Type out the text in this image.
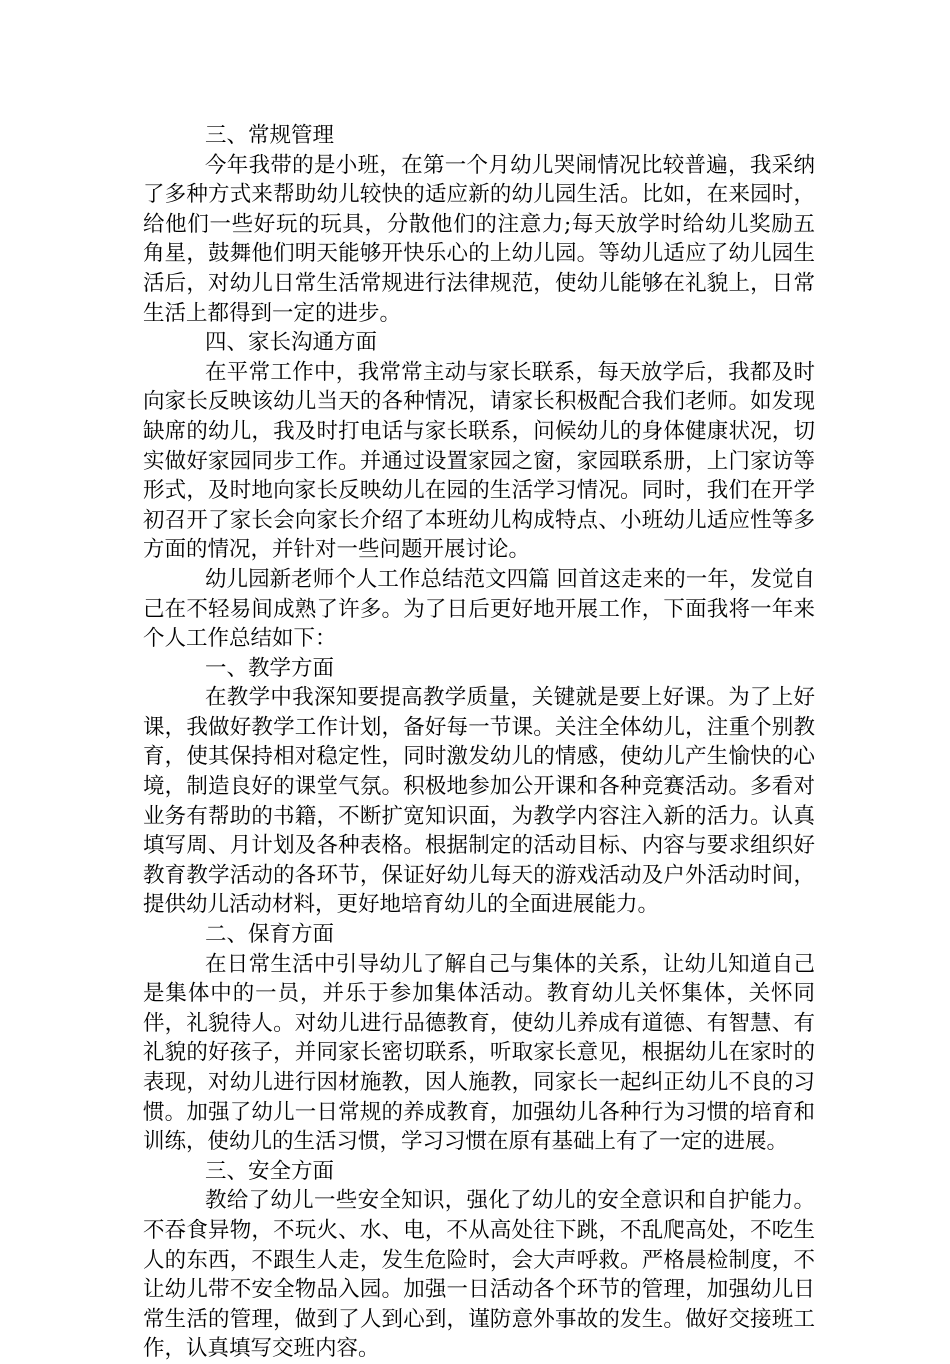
三、常规管理

今年我带的是小班，在第一个月幼儿哭闹情况比较普遍，我采纳了多种方式来帮助幼儿较快的适应新的幼儿园生活。比如，在来园时，给他们一些好玩的玩具，分散他们的注意力;每天放学时给幼儿奖励五角星，鼓舞他们明天能够开快乐心的上幼儿园。等幼儿适应了幼儿园生活后，对幼儿日常生活常规进行法律规范，使幼儿能够在礼貌上，日常生活上都得到一定的进步。

四、家长沟通方面

在平常工作中，我常常主动与家长联系，每天放学后，我都及时向家长反映该幼儿当天的各种情况，请家长积极配合我们老师。如发现缺席的幼儿，我及时打电话与家长联系，问候幼儿的身体健康状况，切实做好家园同步工作。并通过设置家园之窗，家园联系册，上门家访等形式，及时地向家长反映幼儿在园的生活学习情况。同时，我们在开学初召开了家长会向家长介绍了本班幼儿构成特点、小班幼儿适应性等多方面的情况，并针对一些问题开展讨论。

幼儿园新老师个人工作总结范文四篇 回首这走来的一年，发觉自己在不轻易间成熟了许多。为了日后更好地开展工作，下面我将一年来个人工作总结如下：

一、教学方面

在教学中我深知要提高教学质量，关键就是要上好课。为了上好课，我做好教学工作计划，备好每一节课。关注全体幼儿，注重个别教育，使其保持相对稳定性，同时激发幼儿的情感，使幼儿产生愉快的心境，制造良好的课堂气氛。积极地参加公开课和各种竞赛活动。多看对业务有帮助的书籍，不断扩宽知识面，为教学内容注入新的活力。认真填写周、月计划及各种表格。根据制定的活动目标、内容与要求组织好教育教学活动的各环节，保证好幼儿每天的游戏活动及户外活动时间，提供幼儿活动材料，更好地培育幼儿的全面进展能力。

二、保育方面

在日常生活中引导幼儿了解自己与集体的关系，让幼儿知道自己是集体中的一员，并乐于参加集体活动。教育幼儿关怀集体，关怀同伴，礼貌待人。对幼儿进行品德教育，使幼儿养成有道德、有智慧、有礼貌的好孩子，并同家长密切联系，听取家长意见，根据幼儿在家时的表现，对幼儿进行因材施教，因人施教，同家长一起纠正幼儿不良的习惯。加强了幼儿一日常规的养成教育，加强幼儿各种行为习惯的培育和训练，使幼儿的生活习惯，学习习惯在原有基础上有了一定的进展。

三、安全方面

教给了幼儿一些安全知识，强化了幼儿的安全意识和自护能力。不吞食异物，不玩火、水、电，不从高处往下跳，不乱爬高处，不吃生人的东西，不跟生人走，发生危险时，会大声呼救。严格晨检制度，不让幼儿带不安全物品入园。加强一日活动各个环节的管理，加强幼儿日常生活的管理，做到了人到心到，谨防意外事故的发生。做好交接班工作，认真填写交班内容。
